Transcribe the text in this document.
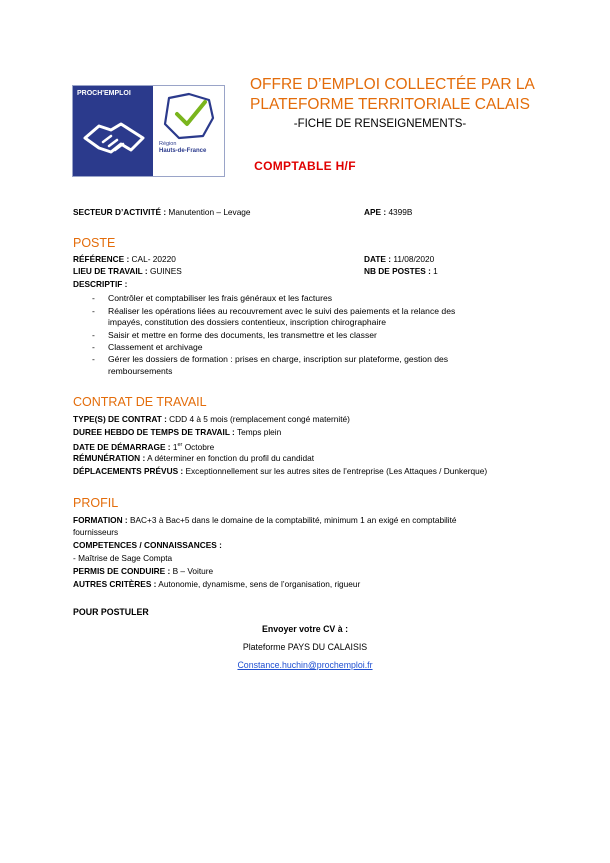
PROCH'EMPLOI
Région
Hauts-de-France
OFFRE D’EMPLOI COLLECTÉE PAR LA
PLATEFORME TERRITORIALE CALAIS
-FICHE DE RENSEIGNEMENTS-
COMPTABLE H/F
SECTEUR D’ACTIVITÉ : Manutention – Levage	APE : 4399B
POSTE
RÉFÉRENCE : CAL- 20220	DATE : 11/08/2020
LIEU DE TRAVAIL : GUINES	NB DE POSTES : 1
DESCRIPTIF :
- Contrôler et comptabiliser les frais généraux et les factures
- Réaliser les opérations liées au recouvrement avec le suivi des paiements et la relance des
impayés, constitution des dossiers contentieux, inscription chirographaire
- Saisir et mettre en forme des documents, les transmettre et les classer
- Classement et archivage
- Gérer les dossiers de formation : prises en charge, inscription sur plateforme, gestion des
remboursements
CONTRAT DE TRAVAIL
TYPE(S) DE CONTRAT : CDD 4 à 5 mois (remplacement congé maternité)
DUREE HEBDO DE TEMPS DE TRAVAIL : Temps plein
DATE DE DÉMARRAGE : 1er Octobre
RÉMUNÉRATION : A déterminer en fonction du profil du candidat
DÉPLACEMENTS PRÉVUS : Exceptionnellement sur les autres sites de l’entreprise (Les Attaques / Dunkerque)
PROFIL
FORMATION : BAC+3 à Bac+5 dans le domaine de la comptabilité, minimum 1 an exigé en comptabilité
fournisseurs
COMPETENCES / CONNAISSANCES :
- Maîtrise de Sage Compta
PERMIS DE CONDUIRE : B – Voiture
AUTRES CRITÈRES : Autonomie, dynamisme, sens de l’organisation, rigueur
POUR POSTULER
Envoyer votre CV à :
Plateforme PAYS DU CALAISIS
Constance.huchin@prochemploi.fr
